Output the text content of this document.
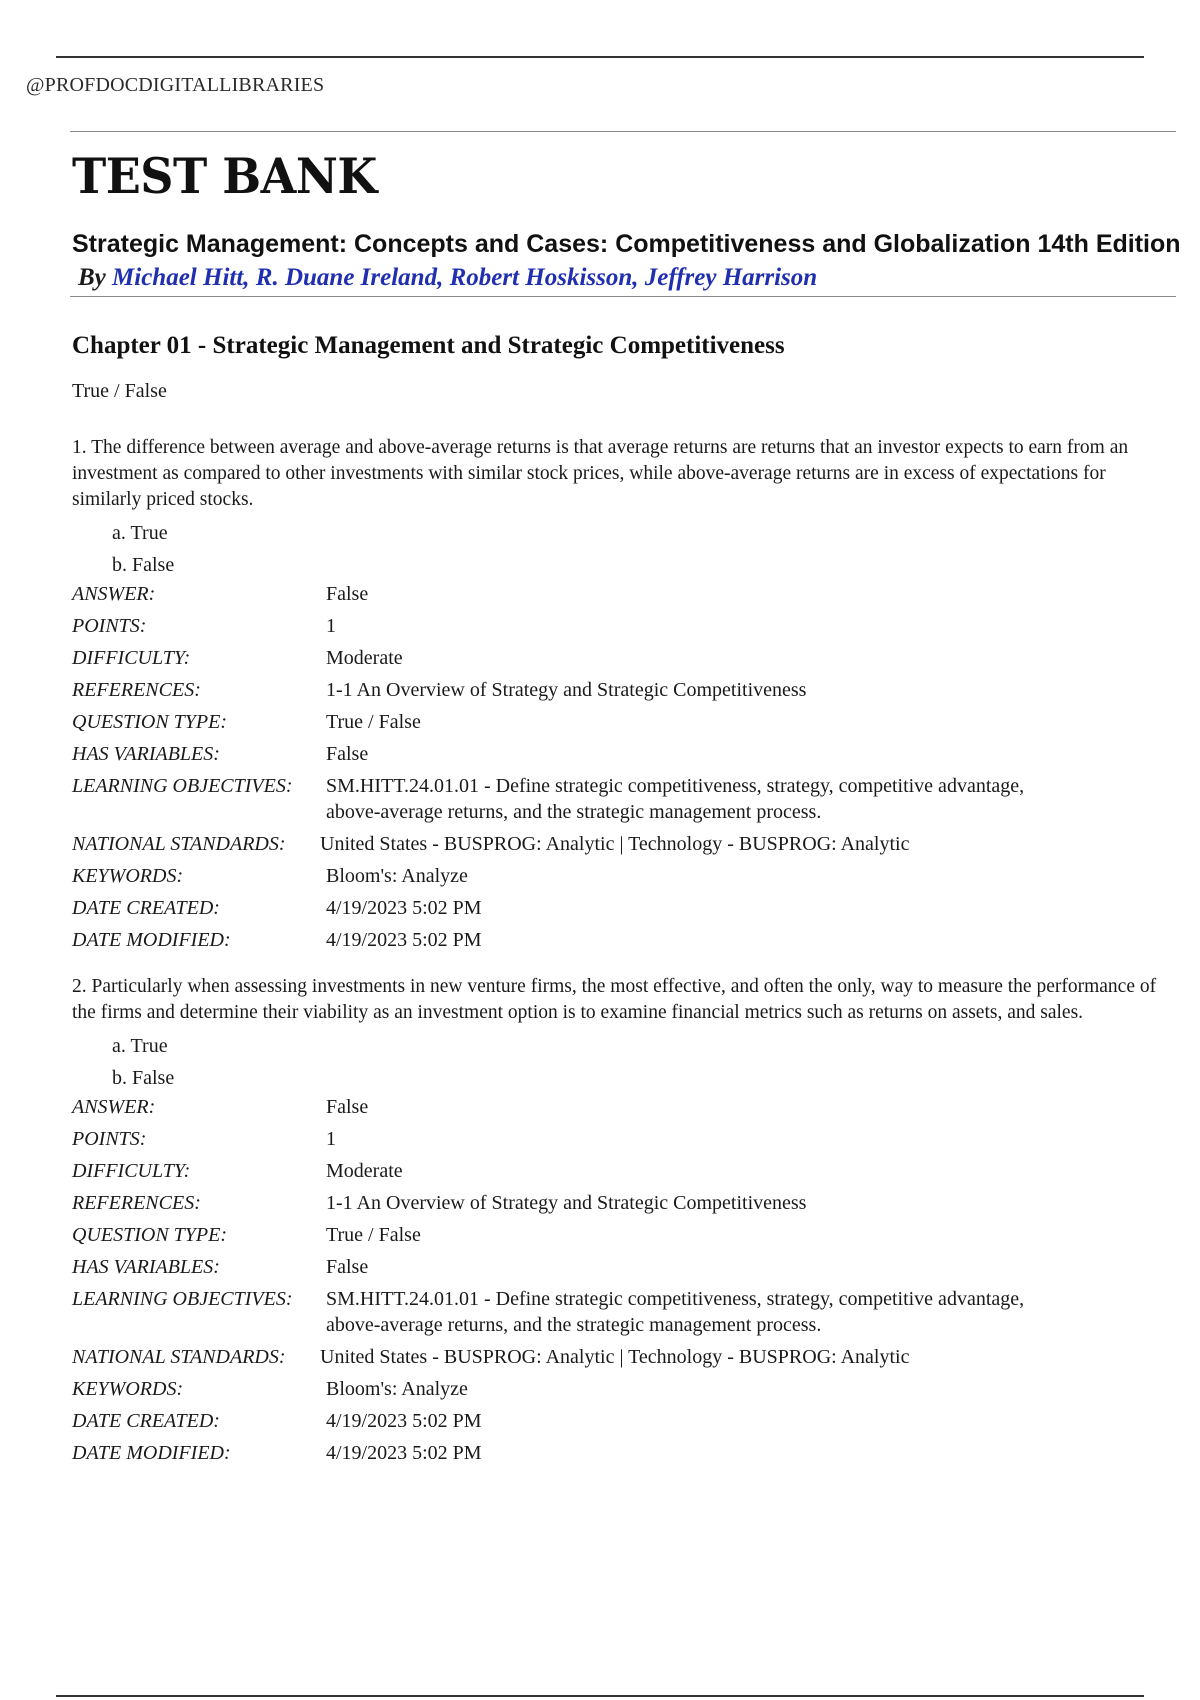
@PROFDOCDIGITALLIBRARIES
TEST BANK
Strategic Management: Concepts and Cases: Competitiveness and Globalization 14th Edition
By Michael Hitt, R. Duane Ireland, Robert Hoskisson, Jeffrey Harrison
Chapter 01 - Strategic Management and Strategic Competitiveness
True / False

1. The difference between average and above-average returns is that average returns are returns that an investor expects to earn from an investment as compared to other investments with similar stock prices, while above-average returns are in excess of expectations for similarly priced stocks.

a. True
b. False
ANSWER:	False
POINTS:	1
DIFFICULTY:	Moderate
REFERENCES:	1-1 An Overview of Strategy and Strategic Competitiveness
QUESTION TYPE:	True / False
HAS VARIABLES:	False
LEARNING OBJECTIVES:	SM.HITT.24.01.01 - Define strategic competitiveness, strategy, competitive advantage,
above-average returns, and the strategic management process.

NATIONAL STANDARDS:	United States - BUSPROG: Analytic | Technology - BUSPROG: Analytic
KEYWORDS:	Bloom's: Analyze
DATE CREATED:	4/19/2023 5:02 PM
DATE MODIFIED:	4/19/2023 5:02 PM

2. Particularly when assessing investments in new venture firms, the most effective, and often the only, way to measure the performance of the firms and determine their viability as an investment option is to examine financial metrics such as returns on assets, and sales.

a. True
b. False
ANSWER:	False
POINTS:	1
DIFFICULTY:	Moderate
REFERENCES:	1-1 An Overview of Strategy and Strategic Competitiveness
QUESTION TYPE:	True / False
HAS VARIABLES:	False
LEARNING OBJECTIVES:	SM.HITT.24.01.01 - Define strategic competitiveness, strategy, competitive advantage,
above-average returns, and the strategic management process.

NATIONAL STANDARDS:	United States - BUSPROG: Analytic | Technology - BUSPROG: Analytic
KEYWORDS:	Bloom's: Analyze
DATE CREATED:	4/19/2023 5:02 PM
DATE MODIFIED:	4/19/2023 5:02 PM
